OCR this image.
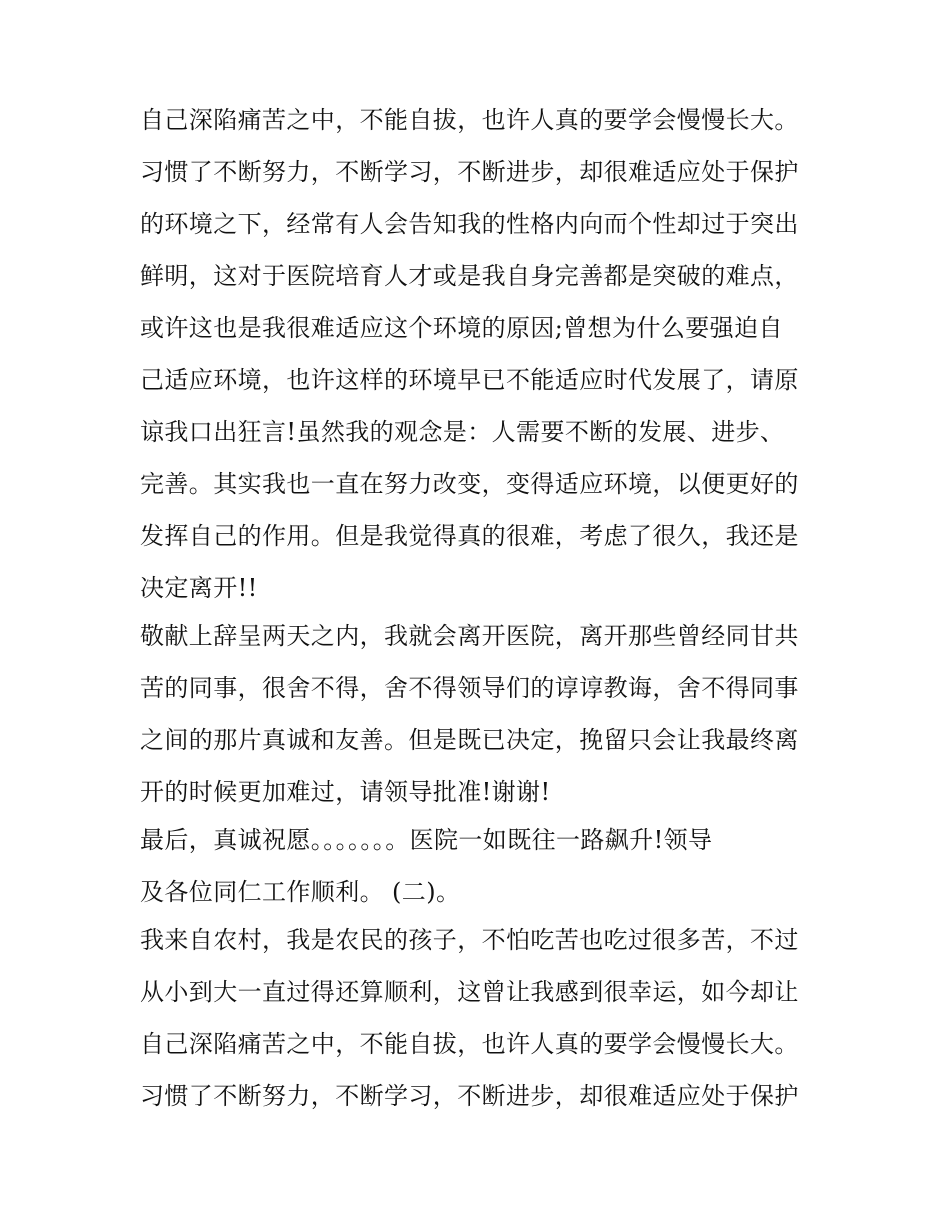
自己深陷痛苦之中，不能自拔，也许人真的要学会慢慢长大。
习惯了不断努力，不断学习，不断进步，却很难适应处于保护
的环境之下，经常有人会告知我的性格内向而个性却过于突出
鲜明，这对于医院培育人才或是我自身完善都是突破的难点，
或许这也是我很难适应这个环境的原因;曾想为什么要强迫自
己适应环境，也许这样的环境早已不能适应时代发展了，请原
谅我口出狂言!虽然我的观念是：人需要不断的发展、进步、
完善。其实我也一直在努力改变，变得适应环境，以便更好的
发挥自己的作用。但是我觉得真的很难，考虑了很久，我还是
决定离开!!
敬献上辞呈两天之内，我就会离开医院，离开那些曾经同甘共
苦的同事，很舍不得，舍不得领导们的谆谆教诲，舍不得同事
之间的那片真诚和友善。但是既已决定，挽留只会让我最终离
开的时候更加难过，请领导批准!谢谢!
最后，真诚祝愿。。。。。。。医院一如既往一路飙升!领导
及各位同仁工作顺利。 (二)。
我来自农村，我是农民的孩子，不怕吃苦也吃过很多苦，不过
从小到大一直过得还算顺利，这曾让我感到很幸运，如今却让
自己深陷痛苦之中，不能自拔，也许人真的要学会慢慢长大。
习惯了不断努力，不断学习，不断进步，却很难适应处于保护
